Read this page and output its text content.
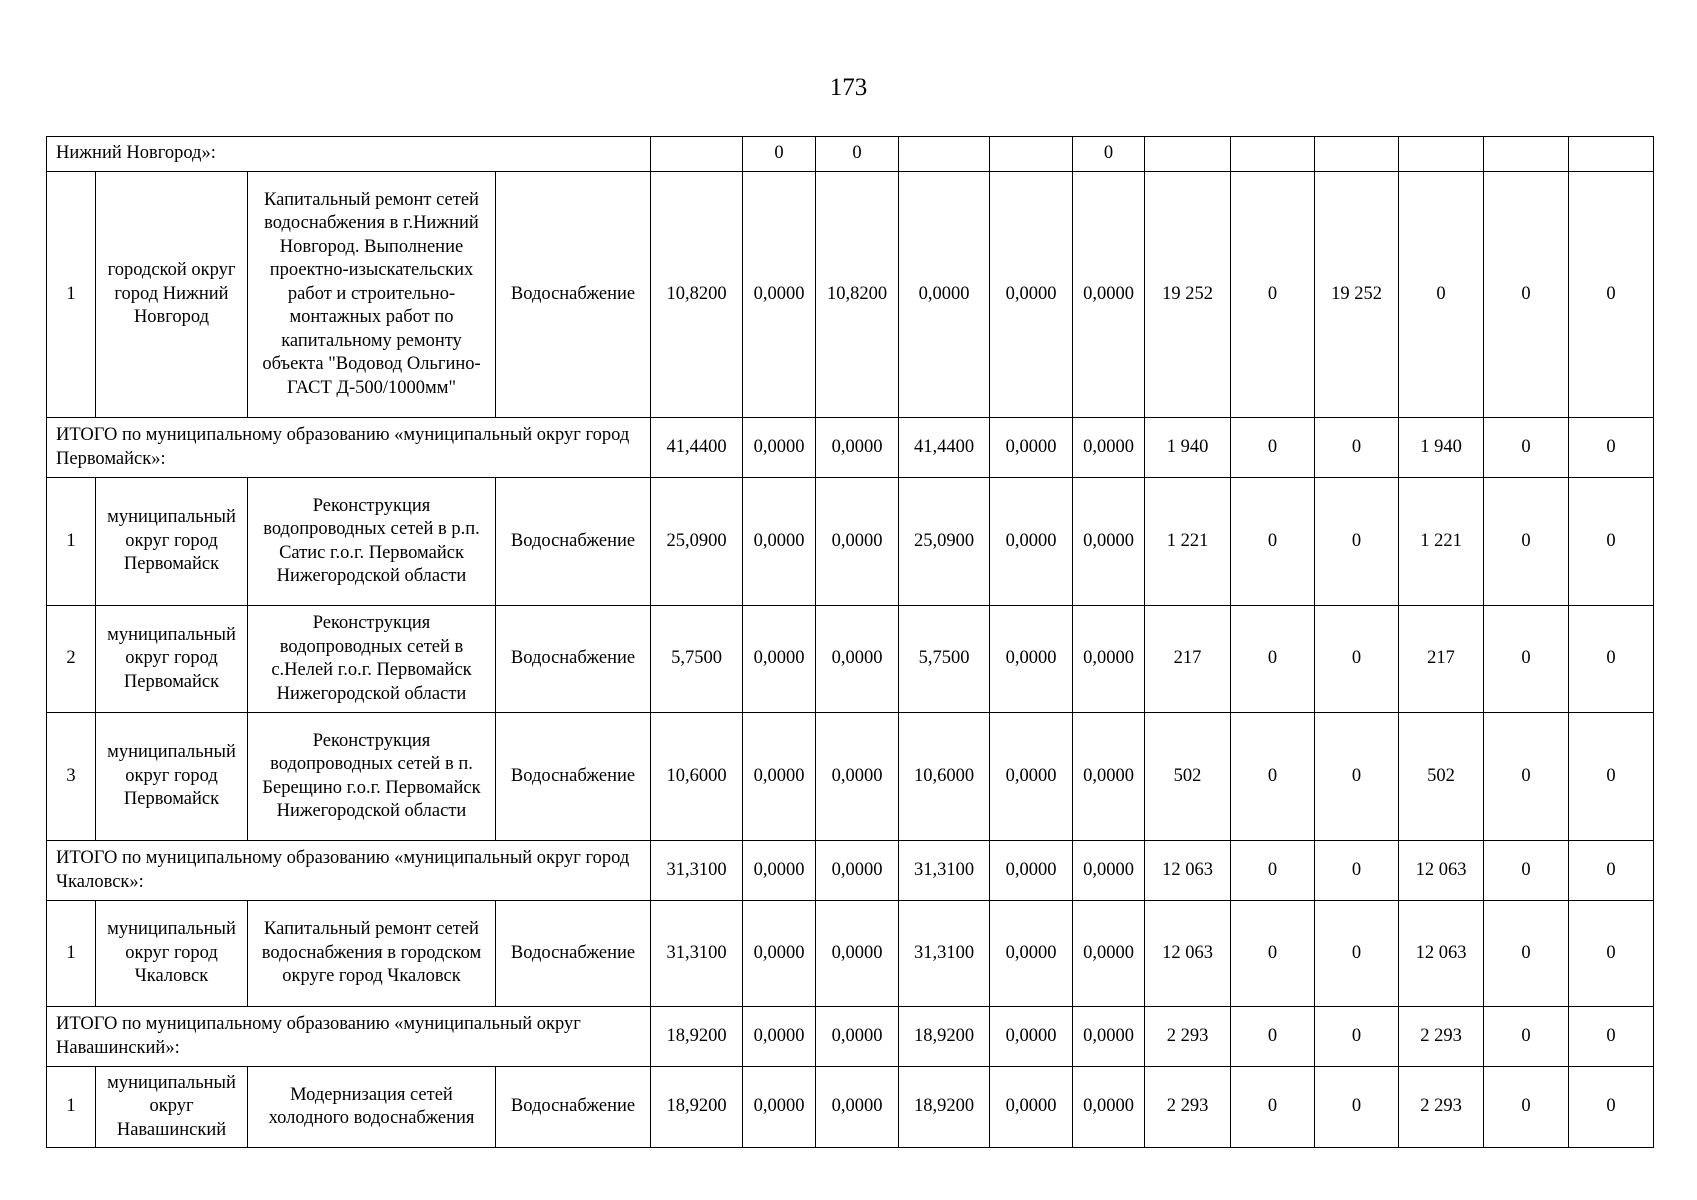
173
Нижний Новгород»:					0	0			0						
1	городской округ город Нижний Новгород	Капитальный ремонт сетей водоснабжения в г.Нижний Новгород. Выполнение проектно-изыскательских работ и строительно-монтажных работ по капитальному ремонту объекта "Водовод Ольгино-ГАСТ Д-500/1000мм"	Водоснабжение	10,8200	0,0000	10,8200	0,0000	0,0000	0,0000	19 252	0	19 252	0	0	0
ИТОГО по муниципальному образованию «муниципальный округ город Первомайск»:				41,4400	0,0000	0,0000	41,4400	0,0000	0,0000	1 940	0	0	1 940	0	0
1	муниципальный округ город Первомайск	Реконструкция водопроводных сетей в р.п. Сатис г.о.г. Первомайск Нижегородской области	Водоснабжение	25,0900	0,0000	0,0000	25,0900	0,0000	0,0000	1 221	0	0	1 221	0	0
2	муниципальный округ город Первомайск	Реконструкция водопроводных сетей в с.Нелей г.о.г. Первомайск Нижегородской области	Водоснабжение	5,7500	0,0000	0,0000	5,7500	0,0000	0,0000	217	0	0	217	0	0
3	муниципальный округ город Первомайск	Реконструкция водопроводных сетей в п. Берещино г.о.г. Первомайск Нижегородской области	Водоснабжение	10,6000	0,0000	0,0000	10,6000	0,0000	0,0000	502	0	0	502	0	0
ИТОГО по муниципальному образованию «муниципальный округ город Чкаловск»:				31,3100	0,0000	0,0000	31,3100	0,0000	0,0000	12 063	0	0	12 063	0	0
1	муниципальный округ город Чкаловск	Капитальный ремонт сетей водоснабжения в городском округе город Чкаловск	Водоснабжение	31,3100	0,0000	0,0000	31,3100	0,0000	0,0000	12 063	0	0	12 063	0	0
ИТОГО по муниципальному образованию «муниципальный округ Навашинский»:				18,9200	0,0000	0,0000	18,9200	0,0000	0,0000	2 293	0	0	2 293	0	0
1	муниципальный округ Навашинский	Модернизация сетей холодного водоснабжения	Водоснабжение	18,9200	0,0000	0,0000	18,9200	0,0000	0,0000	2 293	0	0	2 293	0	0
